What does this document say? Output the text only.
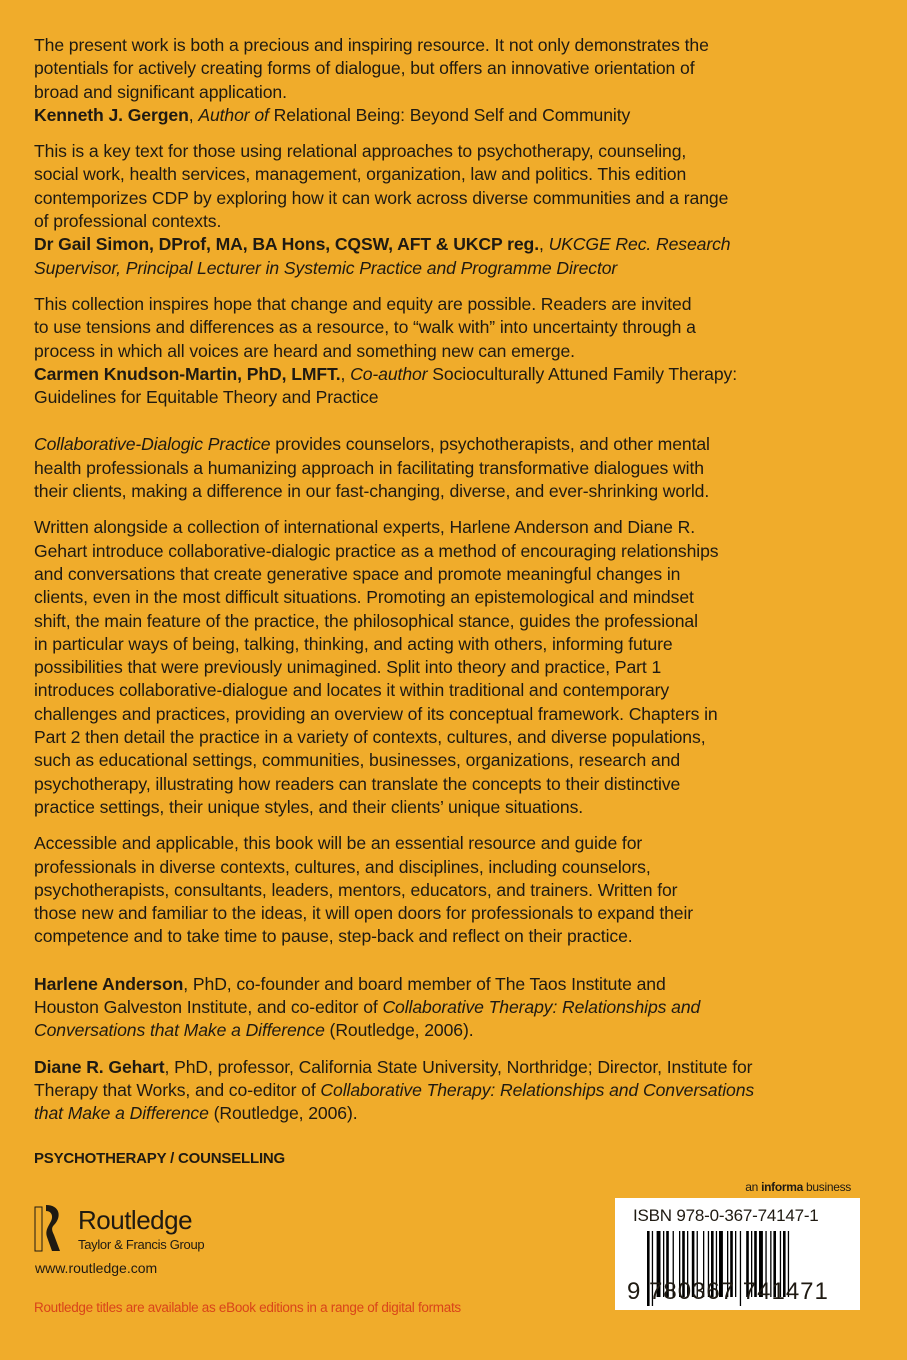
The present work is both a precious and inspiring resource. It not only demonstrates the
potentials for actively creating forms of dialogue, but offers an innovative orientation of
broad and significant application.
Kenneth J. Gergen, Author of Relational Being: Beyond Self and Community
This is a key text for those using relational approaches to psychotherapy, counseling,
social work, health services, management, organization, law and politics. This edition
contemporizes CDP by exploring how it can work across diverse communities and a range
of professional contexts.
Dr Gail Simon, DProf, MA, BA Hons, CQSW, AFT & UKCP reg., UKCGE Rec. Research
Supervisor, Principal Lecturer in Systemic Practice and Programme Director
This collection inspires hope that change and equity are possible. Readers are invited
to use tensions and differences as a resource, to “walk with” into uncertainty through a
process in which all voices are heard and something new can emerge.
Carmen Knudson-Martin, PhD, LMFT., Co-author Socioculturally Attuned Family Therapy:
Guidelines for Equitable Theory and Practice
Collaborative-Dialogic Practice provides counselors, psychotherapists, and other mental
health professionals a humanizing approach in facilitating transformative dialogues with
their clients, making a difference in our fast-changing, diverse, and ever-shrinking world.
Written alongside a collection of international experts, Harlene Anderson and Diane R.
Gehart introduce collaborative-dialogic practice as a method of encouraging relationships
and conversations that create generative space and promote meaningful changes in
clients, even in the most difficult situations. Promoting an epistemological and mindset
shift, the main feature of the practice, the philosophical stance, guides the professional
in particular ways of being, talking, thinking, and acting with others, informing future
possibilities that were previously unimagined. Split into theory and practice, Part 1
introduces collaborative-dialogue and locates it within traditional and contemporary
challenges and practices, providing an overview of its conceptual framework. Chapters in
Part 2 then detail the practice in a variety of contexts, cultures, and diverse populations,
such as educational settings, communities, businesses, organizations, research and
psychotherapy, illustrating how readers can translate the concepts to their distinctive
practice settings, their unique styles, and their clients’ unique situations.
Accessible and applicable, this book will be an essential resource and guide for
professionals in diverse contexts, cultures, and disciplines, including counselors,
psychotherapists, consultants, leaders, mentors, educators, and trainers. Written for
those new and familiar to the ideas, it will open doors for professionals to expand their
competence and to take time to pause, step-back and reflect on their practice.
Harlene Anderson, PhD, co-founder and board member of The Taos Institute and
Houston Galveston Institute, and co-editor of Collaborative Therapy: Relationships and
Conversations that Make a Difference (Routledge, 2006).
Diane R. Gehart, PhD, professor, California State University, Northridge; Director, Institute for
Therapy that Works, and co-editor of Collaborative Therapy: Relationships and Conversations
that Make a Difference (Routledge, 2006).
PSYCHOTHERAPY / COUNSELLING
Routledge
Taylor & Francis Group
www.routledge.com
Routledge titles are available as eBook editions in a range of digital formats
an informa business
ISBN 978-0-367-74147-1
9 780367 741471
